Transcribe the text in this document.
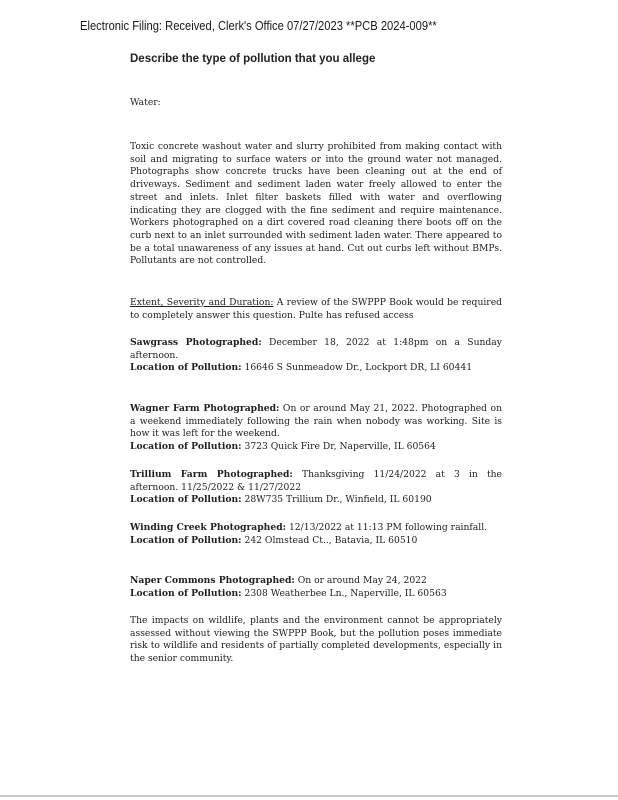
Electronic Filing: Received, Clerk's Office 07/27/2023 **PCB 2024-009**
Describe the type of pollution that you allege
Water:
Toxic concrete washout water and slurry prohibited from making contact with soil and migrating to surface waters or into the ground water not managed. Photographs show concrete trucks have been cleaning out at the end of driveways. Sediment and sediment laden water freely allowed to enter the street and inlets. Inlet filter baskets filled with water and overflowing indicating they are clogged with the fine sediment and require maintenance. Workers photographed on a dirt covered road cleaning there boots off on the curb next to an inlet surrounded with sediment laden water. There appeared to be a total unawareness of any issues at hand. Cut out curbs left without BMPs. Pollutants are not controlled.
Extent, Severity and Duration: A review of the SWPPP Book would be required to completely answer this question. Pulte has refused access

Sawgrass Photographed: December 18, 2022 at 1:48pm on a Sunday afternoon.

Location of Pollution: 16646 S Sunmeadow Dr., Lockport DR, LI 60441

Wagner Farm Photographed: On or around May 21, 2022. Photographed on a weekend immediately following the rain when nobody was working. Site is how it was left for the weekend.

Location of Pollution: 3723 Quick Fire Dr, Naperville, IL 60564

Trillium Farm Photographed: Thanksgiving 11/24/2022 at 3 in the afternoon. 11/25/2022 & 11/27/2022

Location of Pollution: 28W735 Trillium Dr., Winfield, IL 60190

Winding Creek Photographed: 12/13/2022 at 11:13 PM following rainfall.

Location of Pollution: 242 Olmstead Ct.., Batavia, IL 60510

Naper Commons Photographed: On or around May 24, 2022

Location of Pollution: 2308 Weatherbee Ln., Naperville, IL 60563

The impacts on wildlife, plants and the environment cannot be appropriately assessed without viewing the SWPPP Book, but the pollution poses immediate risk to wildlife and residents of partially completed developments, especially in the senior community.
